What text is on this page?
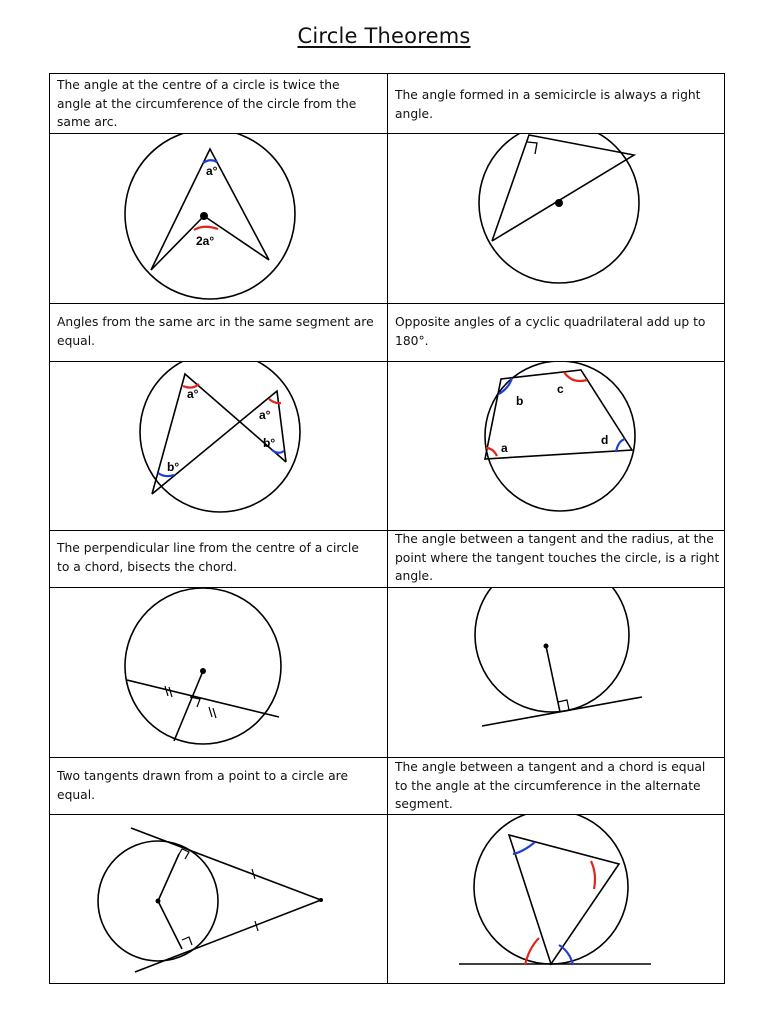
Circle Theorems
The angle at the centre of a circle is twice the angle at the circumference of the circle from the same arc.
The angle formed in a semicircle is always a right angle.
Angles from the same arc in the same segment are equal.
Opposite angles of a cyclic quadrilateral add up to 180°.
The perpendicular line from the centre of a circle to a chord, bisects the chord.
The angle between a tangent and the radius, at the point where the tangent touches the circle, is a right angle.
Two tangents drawn from a point to a circle are equal.
The angle between a tangent and a chord is equal to the angle at the circumference in the alternate segment.
a°
2a°
a°
a°
b°
b°
a
b
c
d
